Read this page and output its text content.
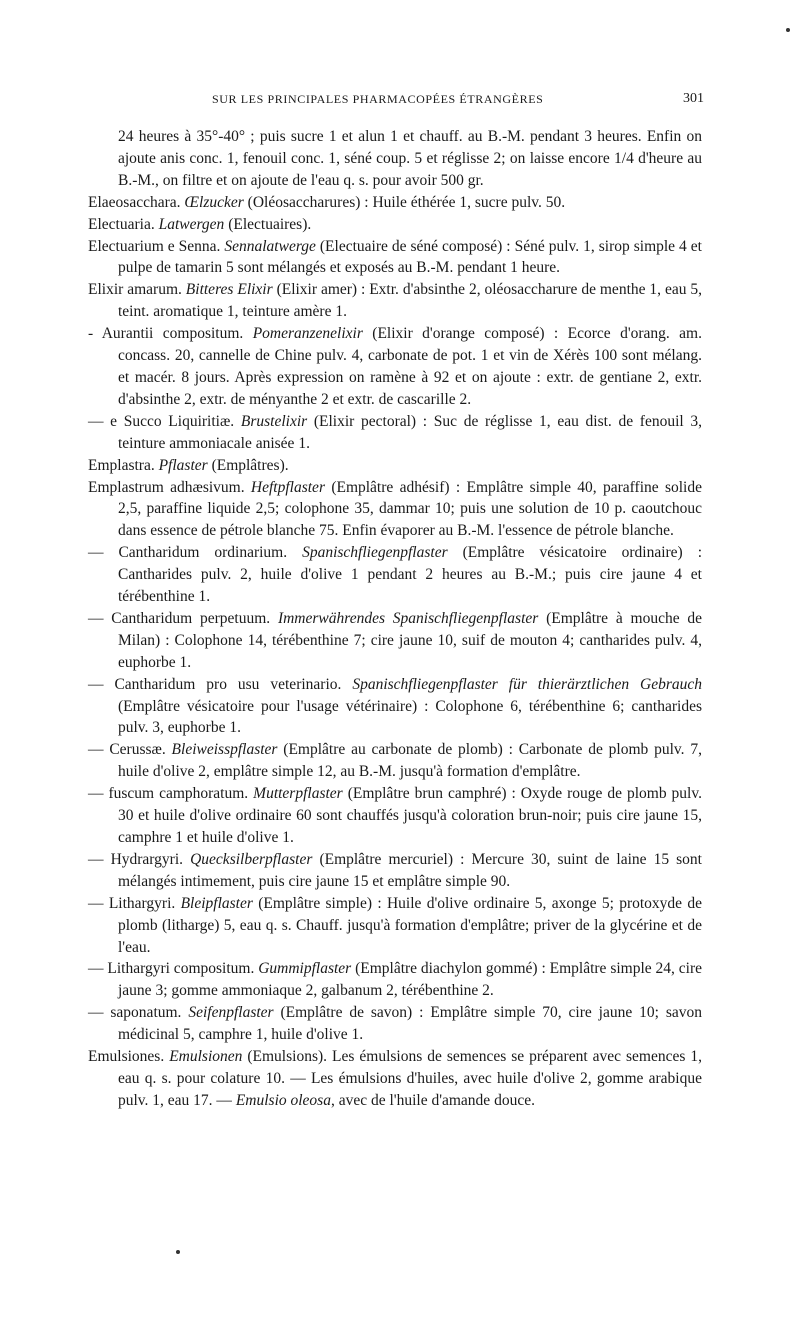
SUR LES PRINCIPALES PHARMACOPÉES ÉTRANGÈRES	301

24 heures à 35°-40° ; puis sucre 1 et alun 1 et chauff. au B.-M. pendant 3 heures. Enfin on ajoute anis conc. 1, fenouil conc. 1, séné coup. 5 et réglisse 2; on laisse encore 1/4 d'heure au B.-M., on filtre et on ajoute de l'eau q. s. pour avoir 500 gr.

Elaeosacchara. Œlzucker (Oléosaccharures) : Huile éthérée 1, sucre pulv. 50.

Electuaria. Latwergen (Electuaires).

Electuarium e Senna. Sennalatwerge (Electuaire de séné composé) : Séné pulv. 1, sirop simple 4 et pulpe de tamarin 5 sont mélangés et exposés au B.-M. pendant 1 heure.

Elixir amarum. Bitteres Elixir (Elixir amer) : Extr. d'absinthe 2, oléosaccharure de menthe 1, eau 5, teint. aromatique 1, teinture amère 1.

- Aurantii compositum. Pomeranzenelixir (Elixir d'orange composé) : Ecorce d'orang. am. concass. 20, cannelle de Chine pulv. 4, carbonate de pot. 1 et vin de Xérès 100 sont mélang. et macér. 8 jours. Après expression on ramène à 92 et on ajoute : extr. de gentiane 2, extr. d'absinthe 2, extr. de ményanthe 2 et extr. de cascarille 2.

— e Succo Liquiritiæ. Brustelixir (Elixir pectoral) : Suc de réglisse 1, eau dist. de fenouil 3, teinture ammoniacale anisée 1.

Emplastra. Pflaster (Emplâtres).

Emplastrum adhæsivum. Heftpflaster (Emplâtre adhésif) : Emplâtre simple 40, paraffine solide 2,5, paraffine liquide 2,5; colophone 35, dammar 10; puis une solution de 10 p. caoutchouc dans essence de pétrole blanche 75. Enfin évaporer au B.-M. l'essence de pétrole blanche.

— Cantharidum ordinarium. Spanischfliegenpflaster (Emplâtre vésicatoire ordinaire) : Cantharides pulv. 2, huile d'olive 1 pendant 2 heures au B.-M.; puis cire jaune 4 et térébenthine 1.

— Cantharidum perpetuum. Immerwährendes Spanischfliegenpflaster (Emplâtre à mouche de Milan) : Colophone 14, térébenthine 7; cire jaune 10, suif de mouton 4; cantharides pulv. 4, euphorbe 1.

— Cantharidum pro usu veterinario. Spanischfliegenpflaster für thierärztlichen Gebrauch (Emplâtre vésicatoire pour l'usage vétérinaire) : Colophone 6, térébenthine 6; cantharides pulv. 3, euphorbe 1.

— Cerussæ. Bleiweisspflaster (Emplâtre au carbonate de plomb) : Carbonate de plomb pulv. 7, huile d'olive 2, emplâtre simple 12, au B.-M. jusqu'à formation d'emplâtre.

— fuscum camphoratum. Mutterpflaster (Emplâtre brun camphré) : Oxyde rouge de plomb pulv. 30 et huile d'olive ordinaire 60 sont chauffés jusqu'à coloration brun-noir; puis cire jaune 15, camphre 1 et huile d'olive 1.

— Hydrargyri. Quecksilberpflaster (Emplâtre mercuriel) : Mercure 30, suint de laine 15 sont mélangés intimement, puis cire jaune 15 et emplâtre simple 90.

— Lithargyri. Bleipflaster (Emplâtre simple) : Huile d'olive ordinaire 5, axonge 5; protoxyde de plomb (litharge) 5, eau q. s. Chauff. jusqu'à formation d'emplâtre; priver de la glycérine et de l'eau.

— Lithargyri compositum. Gummipflaster (Emplâtre diachylon gommé) : Emplâtre simple 24, cire jaune 3; gomme ammoniaque 2, galbanum 2, térébenthine 2.

— saponatum. Seifenpflaster (Emplâtre de savon) : Emplâtre simple 70, cire jaune 10; savon médicinal 5, camphre 1, huile d'olive 1.

Emulsiones. Emulsionen (Emulsions). Les émulsions de semences se préparent avec semences 1, eau q. s. pour colature 10. — Les émulsions d'huiles, avec huile d'olive 2, gomme arabique pulv. 1, eau 17. — Emulsio oleosa, avec de l'huile d'amande douce.
